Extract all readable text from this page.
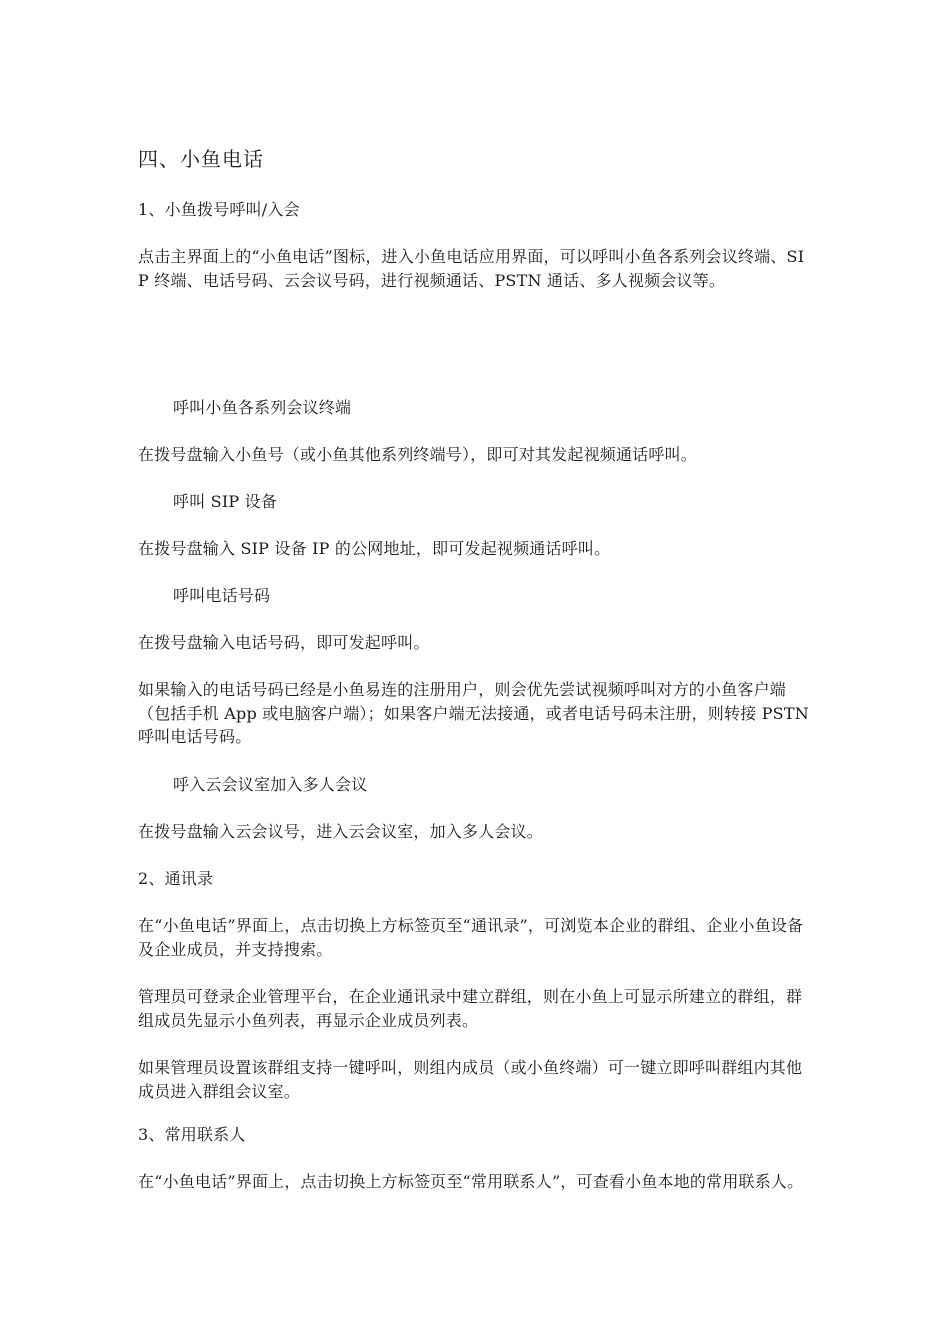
四、小鱼电话

1、小鱼拨号呼叫/入会

点击主界面上的“小鱼电话”图标，进入小鱼电话应用界面，可以呼叫小鱼各系列会议终端、SIP 终端、电话号码、云会议号码，进行视频通话、PSTN 通话、多人视频会议等。

呼叫小鱼各系列会议终端

在拨号盘输入小鱼号（或小鱼其他系列终端号），即可对其发起视频通话呼叫。

呼叫 SIP 设备

在拨号盘输入 SIP 设备 IP 的公网地址，即可发起视频通话呼叫。

呼叫电话号码

在拨号盘输入电话号码，即可发起呼叫。

如果输入的电话号码已经是小鱼易连的注册用户，则会优先尝试视频呼叫对方的小鱼客户端（包括手机 App 或电脑客户端）；如果客户端无法接通，或者电话号码未注册，则转接 PSTN 呼叫电话号码。

呼入云会议室加入多人会议

在拨号盘输入云会议号，进入云会议室，加入多人会议。

2、通讯录

在“小鱼电话”界面上，点击切换上方标签页至“通讯录”，可浏览本企业的群组、企业小鱼设备及企业成员，并支持搜索。

管理员可登录企业管理平台，在企业通讯录中建立群组，则在小鱼上可显示所建立的群组，群组成员先显示小鱼列表，再显示企业成员列表。

如果管理员设置该群组支持一键呼叫，则组内成员（或小鱼终端）可一键立即呼叫群组内其他成员进入群组会议室。

3、常用联系人

在“小鱼电话”界面上，点击切换上方标签页至“常用联系人”，可查看小鱼本地的常用联系人。
